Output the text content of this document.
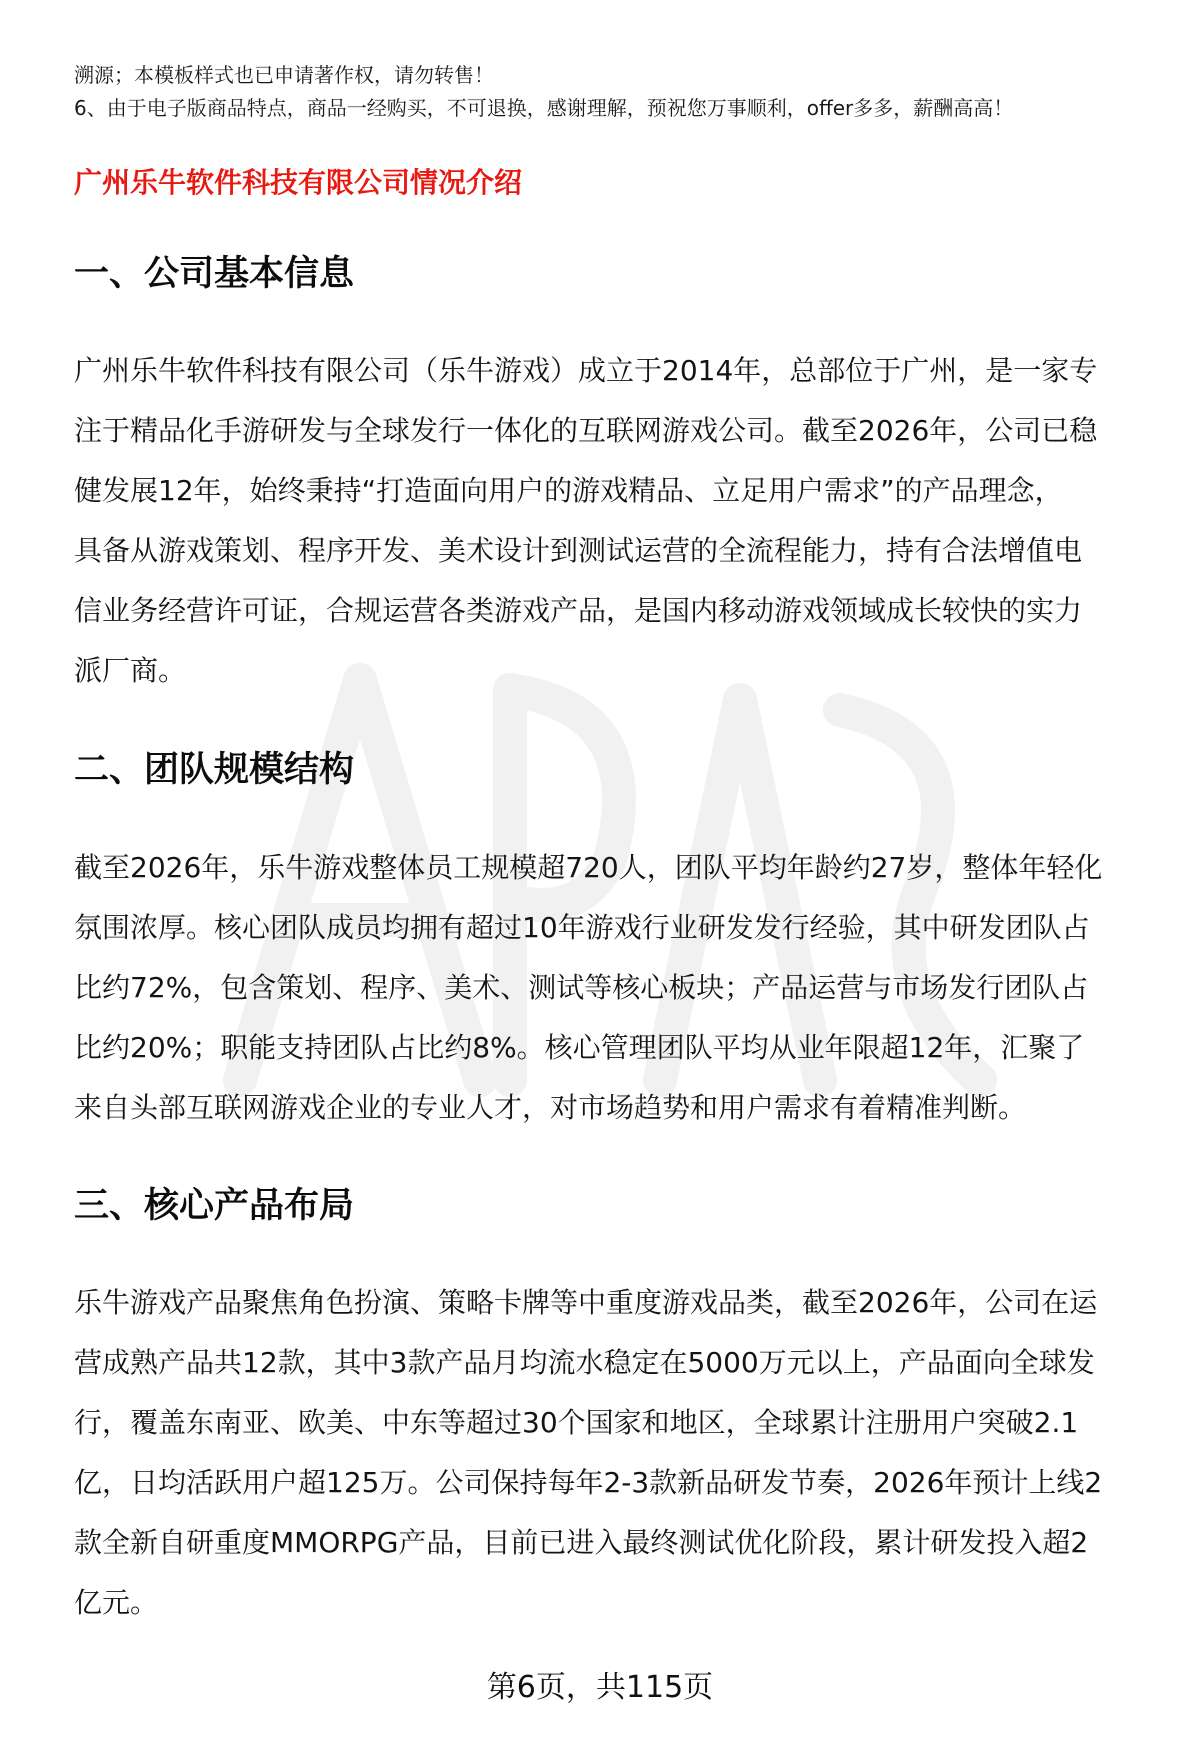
溯源；本模板样式也已申请著作权，请勿转售！
6、由于电子版商品特点，商品一经购买，不可退换，感谢理解，预祝您万事顺利，offer多多，薪酬高高！
广州乐牛软件科技有限公司情况介绍
一、公司基本信息
广州乐牛软件科技有限公司（乐牛游戏）成立于2014年，总部位于广州，是一家专
注于精品化手游研发与全球发行一体化的互联网游戏公司。截至2026年，公司已稳
健发展12年，始终秉持“打造面向用户的游戏精品、立足用户需求”的产品理念，
具备从游戏策划、程序开发、美术设计到测试运营的全流程能力，持有合法增值电
信业务经营许可证，合规运营各类游戏产品，是国内移动游戏领域成长较快的实力
派厂商。
二、团队规模结构
截至2026年，乐牛游戏整体员工规模超720人，团队平均年龄约27岁，整体年轻化
氛围浓厚。核心团队成员均拥有超过10年游戏行业研发发行经验，其中研发团队占
比约72%，包含策划、程序、美术、测试等核心板块；产品运营与市场发行团队占
比约20%；职能支持团队占比约8%。核心管理团队平均从业年限超12年，汇聚了
来自头部互联网游戏企业的专业人才，对市场趋势和用户需求有着精准判断。
三、核心产品布局
乐牛游戏产品聚焦角色扮演、策略卡牌等中重度游戏品类，截至2026年，公司在运
营成熟产品共12款，其中3款产品月均流水稳定在5000万元以上，产品面向全球发
行，覆盖东南亚、欧美、中东等超过30个国家和地区，全球累计注册用户突破2.1
亿，日均活跃用户超125万。公司保持每年2-3款新品研发节奏，2026年预计上线2
款全新自研重度MMORPG产品，目前已进入最终测试优化阶段，累计研发投入超2
亿元。
第6页，共115页
